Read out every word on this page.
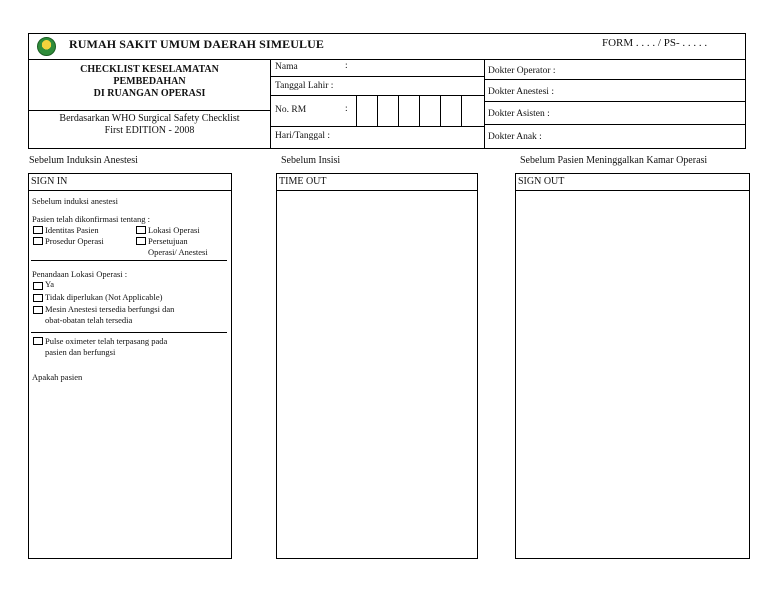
RUMAH SAKIT UMUM DAERAH SIMEULUE	FORM . . . . / PS- . . . . .
CHECKLIST KESELAMATAN
PEMBEDAHAN
DI RUANGAN OPERASI
Berdasarkan WHO Surgical Safety Checklist
First EDITION - 2008
Nama	:
Tanggal Lahir :
No. RM	:
Hari/Tanggal :
Dokter Operator :
Dokter Anestesi :
Dokter Asisten :
Dokter Anak :
Sebelum Induksin Anestesi	Sebelum Insisi	Sebelum Pasien Meninggalkan Kamar Operasi
SIGN IN
Sebelum induksi anestesi
Pasien telah dikonfirmasi tentang :
Identitas Pasien	Lokasi Operasi
Prosedur Operasi	Persetujuan
Operasi/ Anestesi
Penandaan Lokasi Operasi :
Ya
Tidak diperlukan (Not Applicable)
Mesin Anestesi tersedia berfungsi dan
obat-obatan telah tersedia
Pulse oximeter telah terpasang pada
pasien dan berfungsi
Apakah pasien
TIME OUT	SIGN OUT
